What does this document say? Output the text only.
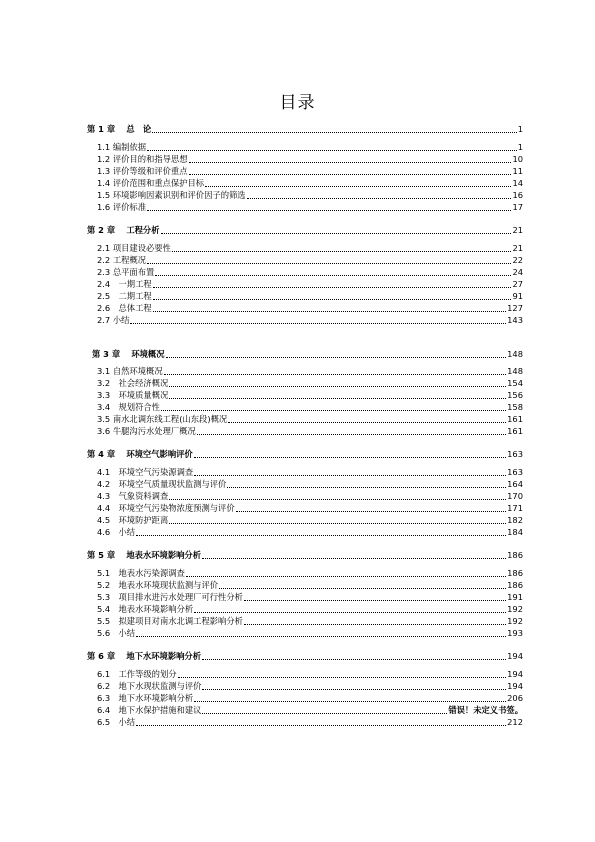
目录
第 1 章　 总　论	1
1.1 编制依据	1
1.2 评价目的和指导思想	10
1.3 评价等级和评价重点	11
1.4 评价范围和重点保护目标	14
1.5 环境影响因素识别和评价因子的筛选	16
1.6 评价标准	17
第 2 章　 工程分析	21
2.1 项目建设必要性	21
2.2 工程概况	22
2.3 总平面布置	24
2.4　一期工程	27
2.5　二期工程	91
2.6　总体工程	127
2.7 小结	143
第 3 章　 环境概况	148
3.1 自然环境概况	148
3.2　社会经济概况	154
3.3　环境质量概况	156
3.4　规划符合性	158
3.5 南水北调东线工程(山东段)概况	161
3.6 牛腿沟污水处理厂概况	161
第 4 章　 环境空气影响评价	163
4.1　环境空气污染源调查	163
4.2　环境空气质量现状监测与评价	164
4.3　气象资料调查	170
4.4　环境空气污染物浓度预测与评价	171
4.5　环境防护距离	182
4.6　小结	184
第 5 章　 地表水环境影响分析	186
5.1　地表水污染源调查	186
5.2　地表水环境现状监测与评价	186
5.3　项目排水进污水处理厂可行性分析	191
5.4　地表水环境影响分析	192
5.5　拟建项目对南水北调工程影响分析	192
5.6　小结	193
第 6 章　 地下水环境影响分析	194
6.1　工作等级的划分	194
6.2　地下水现状监测与评价	194
6.3　地下水环境影响分析	206
6.4　地下水保护措施和建议	错误！未定义书签。
6.5　小结	212
